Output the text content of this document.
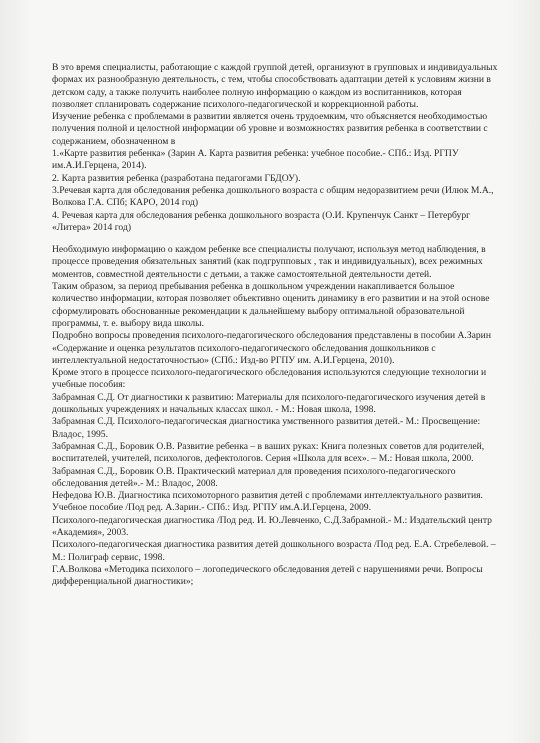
В это время специалисты, работающие с каждой группой детей, организуют в групповых и индивидуальных формах их разнообразную деятельность, с тем, чтобы способствовать адаптации детей к условиям жизни в детском саду, а также получить наиболее полную информацию о каждом из воспитанников, которая позволяет спланировать содержание психолого-педагогической и коррекционной работы.

Изучение ребенка с проблемами в развитии является очень трудоемким, что объясняется необходимостью получения полной и целостной информации об уровне и возможностях развития ребенка в соответствии с содержанием, обозначенном в

1.«Карте развития ребенка» (Зарин А. Карта развития ребенка: учебное пособие.- СПб.: Изд. РГПУ им.А.И.Герцена, 2014).

2. Карта развития ребенка (разработана педагогами ГБДОУ).

3.Речевая карта для обследования ребенка дошкольного возраста с общим недоразвитием речи (Илюк М.А., Волкова Г.А. СПб; КАРО, 2014 год)

4. Речевая карта для обследования ребенка дошкольного возраста (О.И. Крупенчук Санкт – Петербург «Литера» 2014 год)

Необходимую информацию о каждом ребенке все специалисты получают, используя метод наблюдения, в процессе проведения обязательных занятий (как подгрупповых , так и индивидуальных), всех режимных моментов, совместной деятельности с детьми, а также самостоятельной деятельности детей.

Таким образом, за период пребывания ребенка в дошкольном учреждении накапливается большое количество информации, которая позволяет объективно оценить динамику в его развитии и на этой основе сформулировать обоснованные рекомендации к дальнейшему выбору оптимальной образовательной программы, т. е. выбору вида школы.

Подробно вопросы проведения психолого-педагогического обследования представлены в пособии А.Зарин «Содержание и оценка результатов психолого-педагогического обследования дошкольников с интеллектуальной недостаточностью» (СПб.: Изд-во РГПУ им. А.И.Герцена, 2010).

Кроме этого в процессе психолого-педагогического обследования используются следующие технологии и учебные пособия:

Забрамная С.Д. От диагностики к развитию: Материалы для психолого-педагогического изучения детей в дошкольных учреждениях и начальных классах школ. - М.: Новая школа, 1998.

Забрамная С.Д. Психолого-педагогическая диагностика умственного развития детей.- М.: Просвещение: Владос, 1995.

Забрамная С.Д., Боровик О.В. Развитие ребенка – в ваших руках: Книга полезных советов для родителей, воспитателей, учителей, психологов, дефектологов. Серия «Школа для всех». – М.: Новая школа, 2000.

Забрамная С.Д., Боровик О.В. Практический материал для проведения психолого-педагогического обследования детей».- М.: Владос, 2008.

Нефедова Ю.В. Диагностика психомоторного развития детей с проблемами интеллектуального развития. Учебное пособие /Под ред. А.Зарин.- СПб.: Изд. РГПУ им.А.И.Герцена, 2009.

Психолого-педагогическая диагностика /Под ред. И. Ю.Левченко, С.Д.Забрамной.- М.: Издательский центр «Академия», 2003.

Психолого-педагогическая диагностика развития детей дошкольного возраста /Под ред. Е.А. Стребелевой. – М.: Полиграф сервис, 1998.

Г.А.Волкова «Методика психолого – логопедического обследования детей с нарушениями речи. Вопросы дифференциальной диагностики»;
